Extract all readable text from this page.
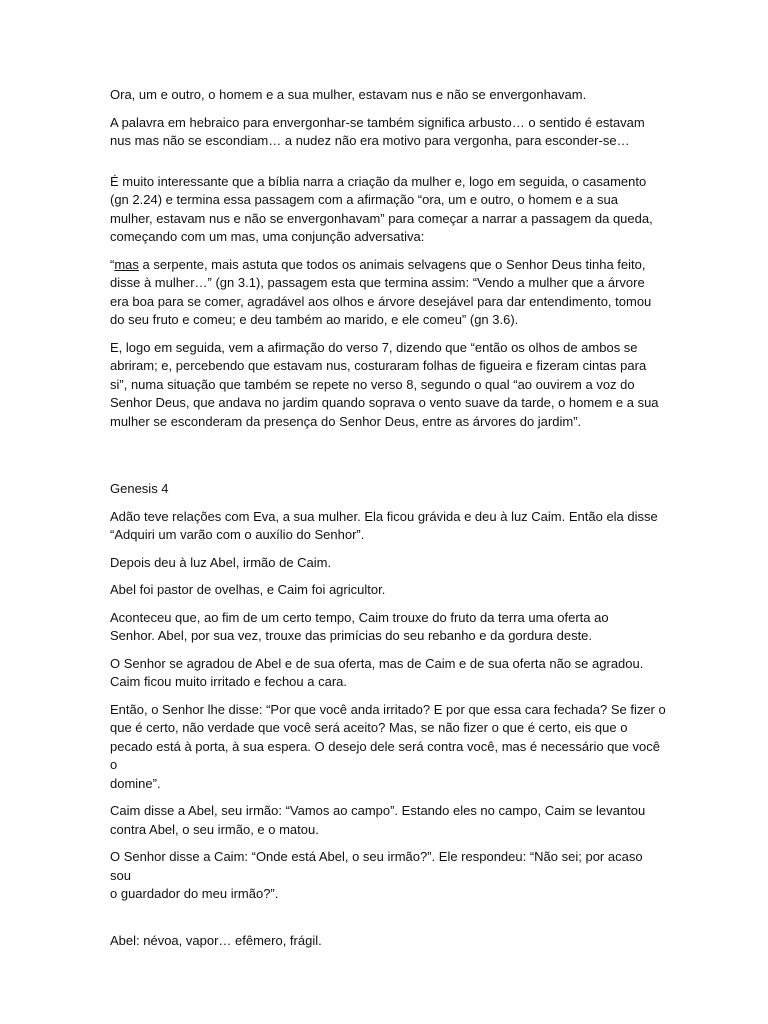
Ora, um e outro, o homem e a sua mulher, estavam nus e não se envergonhavam.

A palavra em hebraico para envergonhar-se também significa arbusto… o sentido é estavam
nus mas não se escondiam… a nudez não era motivo para vergonha, para esconder-se…

É muito interessante que a bíblia narra a criação da mulher e, logo em seguida, o casamento
(gn 2.24) e termina essa passagem com a afirmação “ora, um e outro, o homem e a sua
mulher, estavam nus e não se envergonhavam” para começar a narrar a passagem da queda,
começando com um mas, uma conjunção adversativa:

“mas a serpente, mais astuta que todos os animais selvagens que o Senhor Deus tinha feito,
disse à mulher…” (gn 3.1), passagem esta que termina assim: “Vendo a mulher que a árvore
era boa para se comer, agradável aos olhos e árvore desejável para dar entendimento, tomou
do seu fruto e comeu; e deu também ao marido, e ele comeu” (gn 3.6).

E, logo em seguida, vem a afirmação do verso 7, dizendo que “então os olhos de ambos se
abriram; e, percebendo que estavam nus, costuraram folhas de figueira e fizeram cintas para
si”, numa situação que também se repete no verso 8, segundo o qual “ao ouvirem a voz do
Senhor Deus, que andava no jardim quando soprava o vento suave da tarde, o homem e a sua
mulher se esconderam da presença do Senhor Deus, entre as árvores do jardim”.

Genesis 4

Adão teve relações com Eva, a sua mulher. Ela ficou grávida e deu à luz Caim. Então ela disse
“Adquiri um varão com o auxílio do Senhor”.

Depois deu à luz Abel, irmão de Caim.

Abel foi pastor de ovelhas, e Caim foi agricultor.

Aconteceu que, ao fim de um certo tempo, Caim trouxe do fruto da terra uma oferta ao
Senhor. Abel, por sua vez, trouxe das primícias do seu rebanho e da gordura deste.

O Senhor se agradou de Abel e de sua oferta, mas de Caim e de sua oferta não se agradou.
Caim ficou muito irritado e fechou a cara.

Então, o Senhor lhe disse: “Por que você anda irritado? E por que essa cara fechada? Se fizer o
que é certo, não verdade que você será aceito? Mas, se não fizer o que é certo, eis que o
pecado está à porta, à sua espera. O desejo dele será contra você, mas é necessário que você o
domine”.

Caim disse a Abel, seu irmão: “Vamos ao campo”. Estando eles no campo, Caim se levantou
contra Abel, o seu irmão, e o matou.

O Senhor disse a Caim: “Onde está Abel, o seu irmão?”. Ele respondeu: “Não sei; por acaso sou
o guardador do meu irmão?”.

Abel: névoa, vapor… efêmero, frágil.
